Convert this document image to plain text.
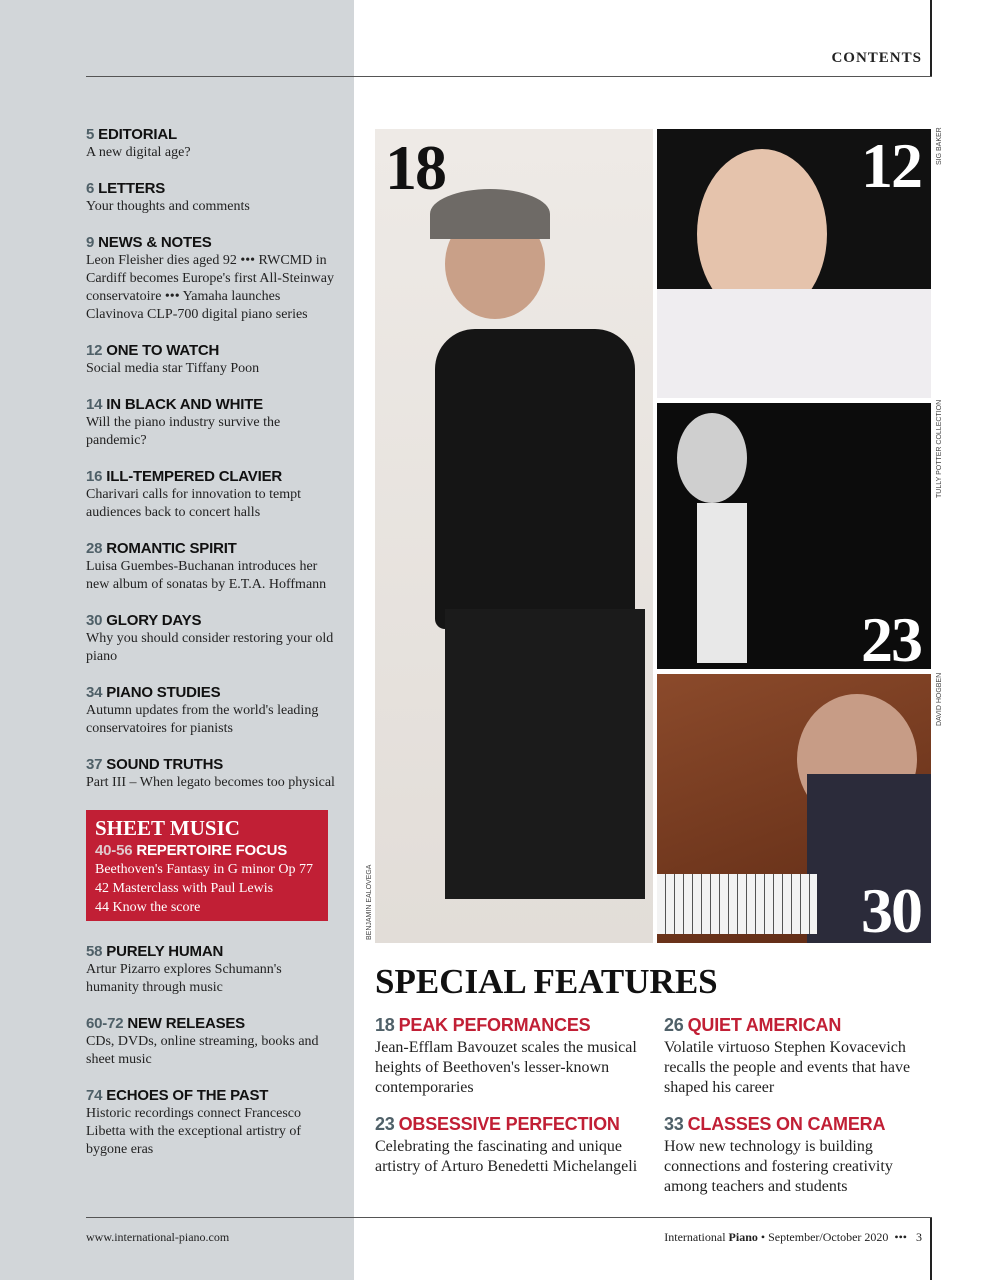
CONTENTS
5 EDITORIAL
A new digital age?
6 LETTERS
Your thoughts and comments
9 NEWS & NOTES
Leon Fleisher dies aged 92 ••• RWCMD in Cardiff becomes Europe's first All-Steinway conservatoire ••• Yamaha launches Clavinova CLP-700 digital piano series
12 ONE TO WATCH
Social media star Tiffany Poon
14 IN BLACK AND WHITE
Will the piano industry survive the pandemic?
16 ILL-TEMPERED CLAVIER
Charivari calls for innovation to tempt audiences back to concert halls
28 ROMANTIC SPIRIT
Luisa Guembes-Buchanan introduces her new album of sonatas by E.T.A. Hoffmann
30 GLORY DAYS
Why you should consider restoring your old piano
34 PIANO STUDIES
Autumn updates from the world's leading conservatoires for pianists
37 SOUND TRUTHS
Part III – When legato becomes too physical
SHEET MUSIC
40-56 REPERTOIRE FOCUS
Beethoven's Fantasy in G minor Op 77
42 Masterclass with Paul Lewis
44 Know the score
58 PURELY HUMAN
Artur Pizarro explores Schumann's humanity through music
60-72 NEW RELEASES
CDs, DVDs, online streaming, books and sheet music
74 ECHOES OF THE PAST
Historic recordings connect Francesco Libetta with the exceptional artistry of bygone eras
18	12
23
30
BENJAMIN EALOVEGA
SIG BAKER
TULLY POTTER COLLECTION
DAVID HOGBEN
SPECIAL FEATURES
18 PEAK PEFORMANCES
Jean-Efflam Bavouzet scales the musical heights of Beethoven's lesser-known contemporaries
26 QUIET AMERICAN
Volatile virtuoso Stephen Kovacevich recalls the people and events that have shaped his career
23 OBSESSIVE PERFECTION
Celebrating the fascinating and unique artistry of Arturo Benedetti Michelangeli
33 CLASSES ON CAMERA
How new technology is building connections and fostering creativity among teachers and students
www.international-piano.com	International Piano • September/October 2020 ••• 3
